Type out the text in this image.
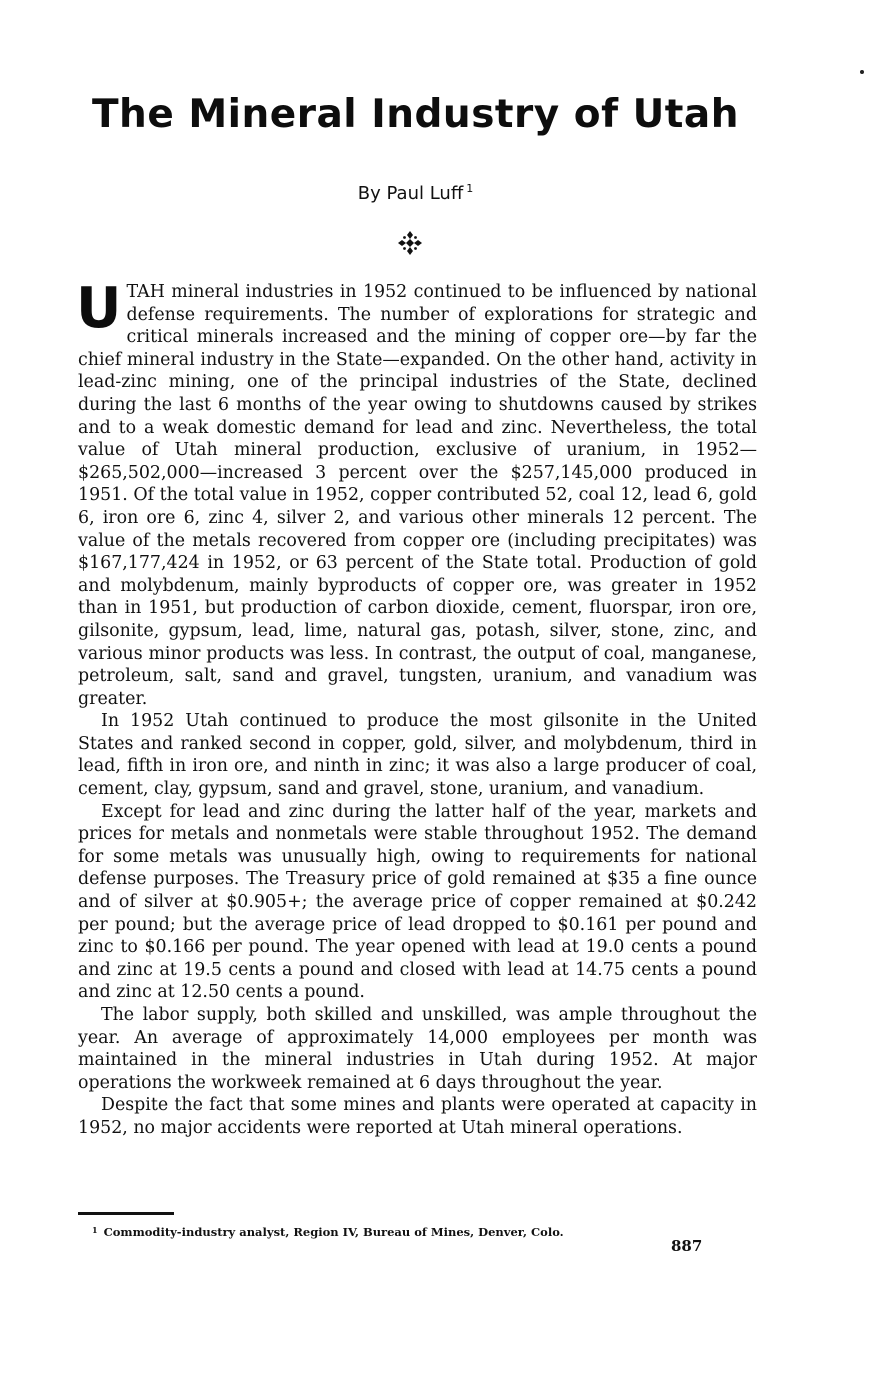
The Mineral Industry of Utah
By Paul Luff $^1$

UTAH mineral industries in 1952 continued to be influenced by national defense requirements. The number of explorations for strategic and critical minerals increased and the mining of copper ore—by far the chief mineral industry in the State—expanded. On the other hand, activity in lead-zinc mining, one of the principal industries of the State, declined during the last 6 months of the year owing to shutdowns caused by strikes and to a weak domestic demand for lead and zinc. Nevertheless, the total value of Utah mineral production, exclusive of uranium, in 1952—$265,502,000—increased 3 percent over the $257,145,000 produced in 1951. Of the total value in 1952, copper contributed 52, coal 12, lead 6, gold 6, iron ore 6, zinc 4, silver 2, and various other minerals 12 percent. The value of the metals recovered from copper ore (including precipitates) was $167,177,424 in 1952, or 63 percent of the State total. Production of gold and molybdenum, mainly byproducts of copper ore, was greater in 1952 than in 1951, but production of carbon dioxide, cement, fluorspar, iron ore, gilsonite, gypsum, lead, lime, natural gas, potash, silver, stone, zinc, and various minor products was less. In contrast, the output of coal, manganese, petroleum, salt, sand and gravel, tungsten, uranium, and vanadium was greater.

In 1952 Utah continued to produce the most gilsonite in the United States and ranked second in copper, gold, silver, and molybdenum, third in lead, fifth in iron ore, and ninth in zinc; it was also a large producer of coal, cement, clay, gypsum, sand and gravel, stone, uranium, and vanadium.

Except for lead and zinc during the latter half of the year, markets and prices for metals and nonmetals were stable throughout 1952. The demand for some metals was unusually high, owing to requirements for national defense purposes. The Treasury price of gold remained at $35 a fine ounce and of silver at $0.905+; the average price of copper remained at $0.242 per pound; but the average price of lead dropped to $0.161 per pound and zinc to $0.166 per pound. The year opened with lead at 19.0 cents a pound and zinc at 19.5 cents a pound and closed with lead at 14.75 cents a pound and zinc at 12.50 cents a pound.

The labor supply, both skilled and unskilled, was ample throughout the year. An average of approximately 14,000 employees per month was maintained in the mineral industries in Utah during 1952. At major operations the workweek remained at 6 days throughout the year.

Despite the fact that some mines and plants were operated at capacity in 1952, no major accidents were reported at Utah mineral operations.

$^1$ Commodity-industry analyst, Region IV, Bureau of Mines, Denver, Colo.
887
